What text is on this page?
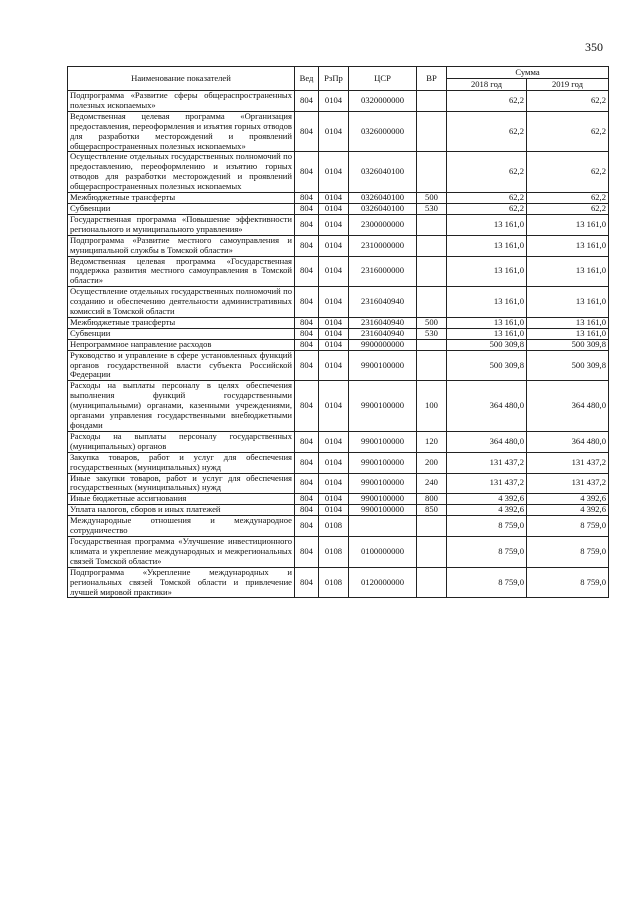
350
Наименование показателей	Вед	РзПр	ЦСР	ВР	Сумма	
					2018 год	2019 год
Подпрограмма «Развитие сферы общераспространенных полезных ископаемых»	804	0104	0320000000		62,2	62,2
Ведомственная целевая программа «Организация предоставления, переоформления и изъятия горных отводов для разработки месторождений и проявлений общераспространенных полезных ископаемых»	804	0104	0326000000		62,2	62,2
Осуществление отдельных государственных полномочий по предоставлению, переоформлению и изъятию горных отводов для разработки месторождений и проявлений общераспространенных полезных ископаемых	804	0104	0326040100		62,2	62,2
Межбюджетные трансферты	804	0104	0326040100	500	62,2	62,2
Субвенции	804	0104	0326040100	530	62,2	62,2
Государственная программа «Повышение эффективности регионального и муниципального управления»	804	0104	2300000000		13 161,0	13 161,0
Подпрограмма «Развитие местного самоуправления и муниципальной службы в Томской области»	804	0104	2310000000		13 161,0	13 161,0
Ведомственная целевая программа «Государственная поддержка развития местного самоуправления в Томской области»	804	0104	2316000000		13 161,0	13 161,0
Осуществление отдельных государственных полномочий по созданию и обеспечению деятельности административных комиссий в Томской области	804	0104	2316040940		13 161,0	13 161,0
Межбюджетные трансферты	804	0104	2316040940	500	13 161,0	13 161,0
Субвенции	804	0104	2316040940	530	13 161,0	13 161,0
Непрограммное направление расходов	804	0104	9900000000		500 309,8	500 309,8
Руководство и управление в сфере установленных функций органов государственной власти субъекта Российской Федерации	804	0104	9900100000		500 309,8	500 309,8
Расходы на выплаты персоналу в целях обеспечения выполнения функций государственными (муниципальными) органами, казенными учреждениями, органами управления государственными внебюджетными фондами	804	0104	9900100000	100	364 480,0	364 480,0
Расходы на выплаты персоналу государственных (муниципальных) органов	804	0104	9900100000	120	364 480,0	364 480,0
Закупка товаров, работ и услуг для обеспечения государственных (муниципальных) нужд	804	0104	9900100000	200	131 437,2	131 437,2
Иные закупки товаров, работ и услуг для обеспечения государственных (муниципальных) нужд	804	0104	9900100000	240	131 437,2	131 437,2
Иные бюджетные ассигнования	804	0104	9900100000	800	4 392,6	4 392,6
Уплата налогов, сборов и иных платежей	804	0104	9900100000	850	4 392,6	4 392,6
Международные отношения и международное сотрудничество	804	0108			8 759,0	8 759,0
Государственная программа «Улучшение инвестиционного климата и укрепление международных и межрегиональных связей Томской области»	804	0108	0100000000		8 759,0	8 759,0
Подпрограмма «Укрепление международных и региональных связей Томской области и привлечение лучшей мировой практики»	804	0108	0120000000		8 759,0	8 759,0
